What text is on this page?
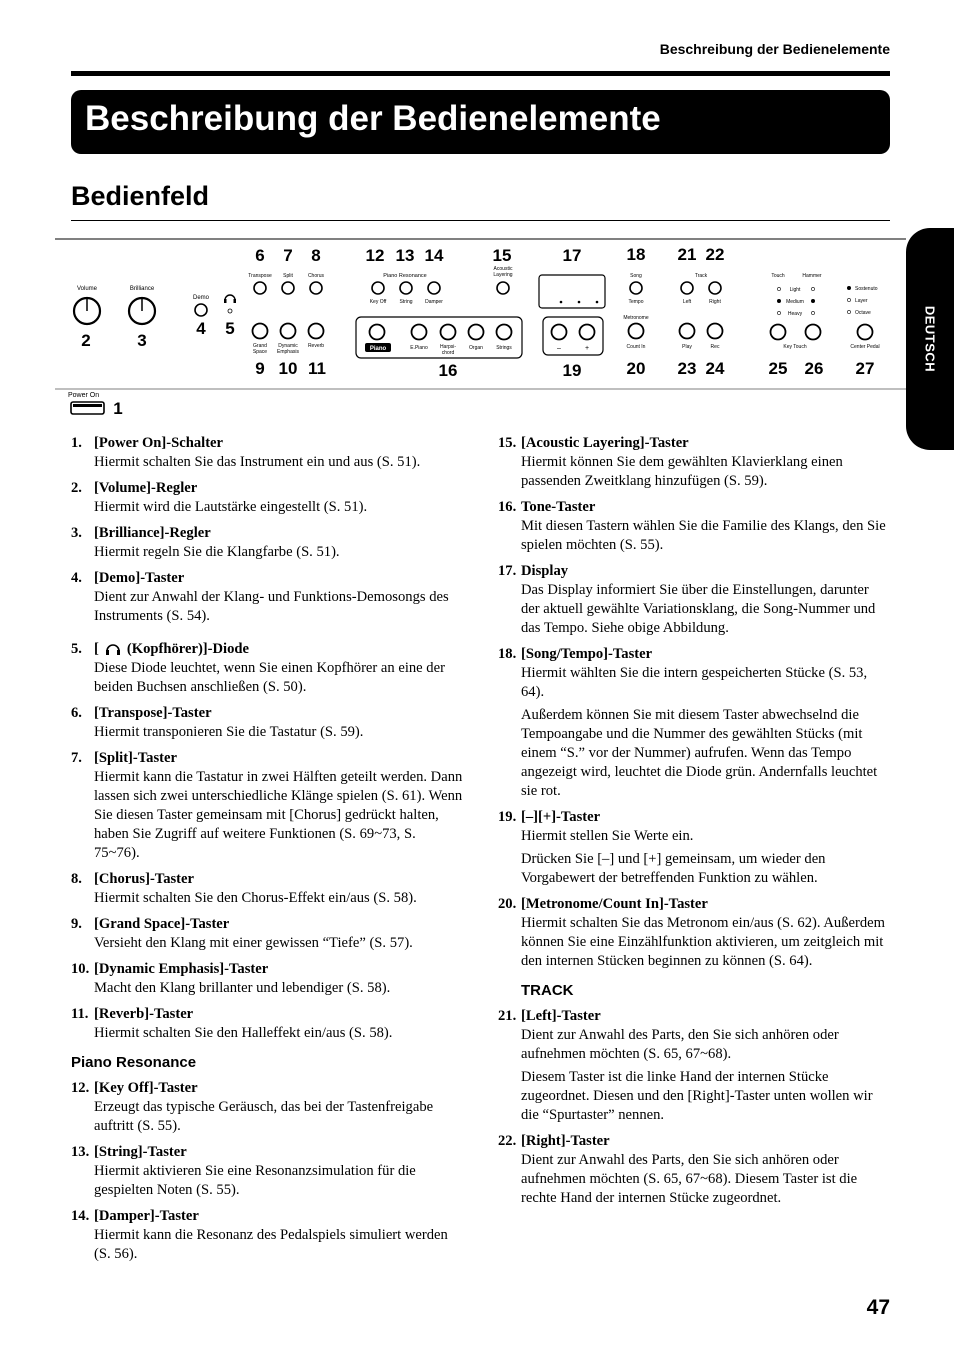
Beschreibung der Bedienelemente
Beschreibung der Bedienelemente
Bedienfeld
DEUTSCH
Volume
2
Brilliance
3
Demo
4 5
6 7 8
Transpose Split	Chorus
Grand
Space
Dynamic
Emphasis
Reverb
9 10 11
12 13 14
Piano Resonance
Key Off	String	Damper
15
Acoustic
Layering
Piano	E.Piano Harpsi-
chord
Organ	Strings
16
17
–	+
19
18
Song
Tempo
Metronome
Count In
20
21 22
Track
Left	Right
Play	Rec
23 24
Touch	Hammer
Light
Medium
Heavy
Key Touch
25 26
Sostenuto
Layer
Octave
Center Pedal
27
Power On
1
1. [Power On]-Schalter

Hiermit schalten Sie das Instrument ein und aus (S. 51).

2. [Volume]-Regler

Hiermit wird die Lautstärke eingestellt (S. 51).

3. [Brilliance]-Regler

Hiermit regeln Sie die Klangfarbe (S. 51).

4. [Demo]-Taster

Dient zur Anwahl der Klang- und Funktions-Demosongs des Instruments (S. 54).

5. [ (Kopfhörer)]-Diode

Diese Diode leuchtet, wenn Sie einen Kopfhörer an eine der beiden Buchsen anschließen (S. 50).

6. [Transpose]-Taster

Hiermit transponieren Sie die Tastatur (S. 59).

7. [Split]-Taster

Hiermit kann die Tastatur in zwei Hälften geteilt werden. Dann lassen sich zwei unterschiedliche Klänge spielen (S. 61). Wenn Sie diesen Taster gemeinsam mit [Chorus] gedrückt halten, haben Sie Zugriff auf weitere Funktionen (S. 69~73, S. 75~76).

8. [Chorus]-Taster

Hiermit schalten Sie den Chorus-Effekt ein/aus (S. 58).

9. [Grand Space]-Taster

Versieht den Klang mit einer gewissen “Tiefe” (S. 57).

10. [Dynamic Emphasis]-Taster

Macht den Klang brillanter und lebendiger (S. 58).

11. [Reverb]-Taster

Hiermit schalten Sie den Halleffekt ein/aus (S. 58).

Piano Resonance
12. [Key Off]-Taster

Erzeugt das typische Geräusch, das bei der Tastenfreigabe auftritt (S. 55).

13. [String]-Taster

Hiermit aktivieren Sie eine Resonanzsimulation für die gespielten Noten (S. 55).

14. [Damper]-Taster

Hiermit kann die Resonanz des Pedalspiels simuliert werden (S. 56).

15. [Acoustic Layering]-Taster

Hiermit können Sie dem gewählten Klavierklang einen passenden Zweitklang hinzufügen (S. 59).

16. Tone-Taster

Mit diesen Tastern wählen Sie die Familie des Klangs, den Sie spielen möchten (S. 55).

17. Display

Das Display informiert Sie über die Einstellungen, darunter der aktuell gewählte Variationsklang, die Song-Nummer und das Tempo. Siehe obige Abbildung.

18. [Song/Tempo]-Taster

Hiermit wählten Sie die intern gespeicherten Stücke (S. 53, 64).

Außerdem können Sie mit diesem Taster abwechselnd die Tempoangabe und die Nummer des gewählten Stücks (mit einem “S.” vor der Nummer) aufrufen. Wenn das Tempo angezeigt wird, leuchtet die Diode grün. Andernfalls leuchtet sie rot.

19. [–][+]-Taster

Hiermit stellen Sie Werte ein.

Drücken Sie [–] und [+] gemeinsam, um wieder den Vorgabewert der betreffenden Funktion zu wählen.

20. [Metronome/Count In]-Taster

Hiermit schalten Sie das Metronom ein/aus (S. 62). Außerdem können Sie eine Einzählfunktion aktivieren, um zeitgleich mit den internen Stücken beginnen zu können (S. 64).

TRACK
21. [Left]-Taster

Dient zur Anwahl des Parts, den Sie sich anhören oder aufnehmen möchten (S. 65, 67~68).

Diesem Taster ist die linke Hand der internen Stücke zugeordnet. Diesen und den [Right]-Taster unten wollen wir die “Spurtaster” nennen.

22. [Right]-Taster

Dient zur Anwahl des Parts, den Sie sich anhören oder aufnehmen möchten (S. 65, 67~68). Diesem Taster ist die rechte Hand der internen Stücke zugeordnet.

47
